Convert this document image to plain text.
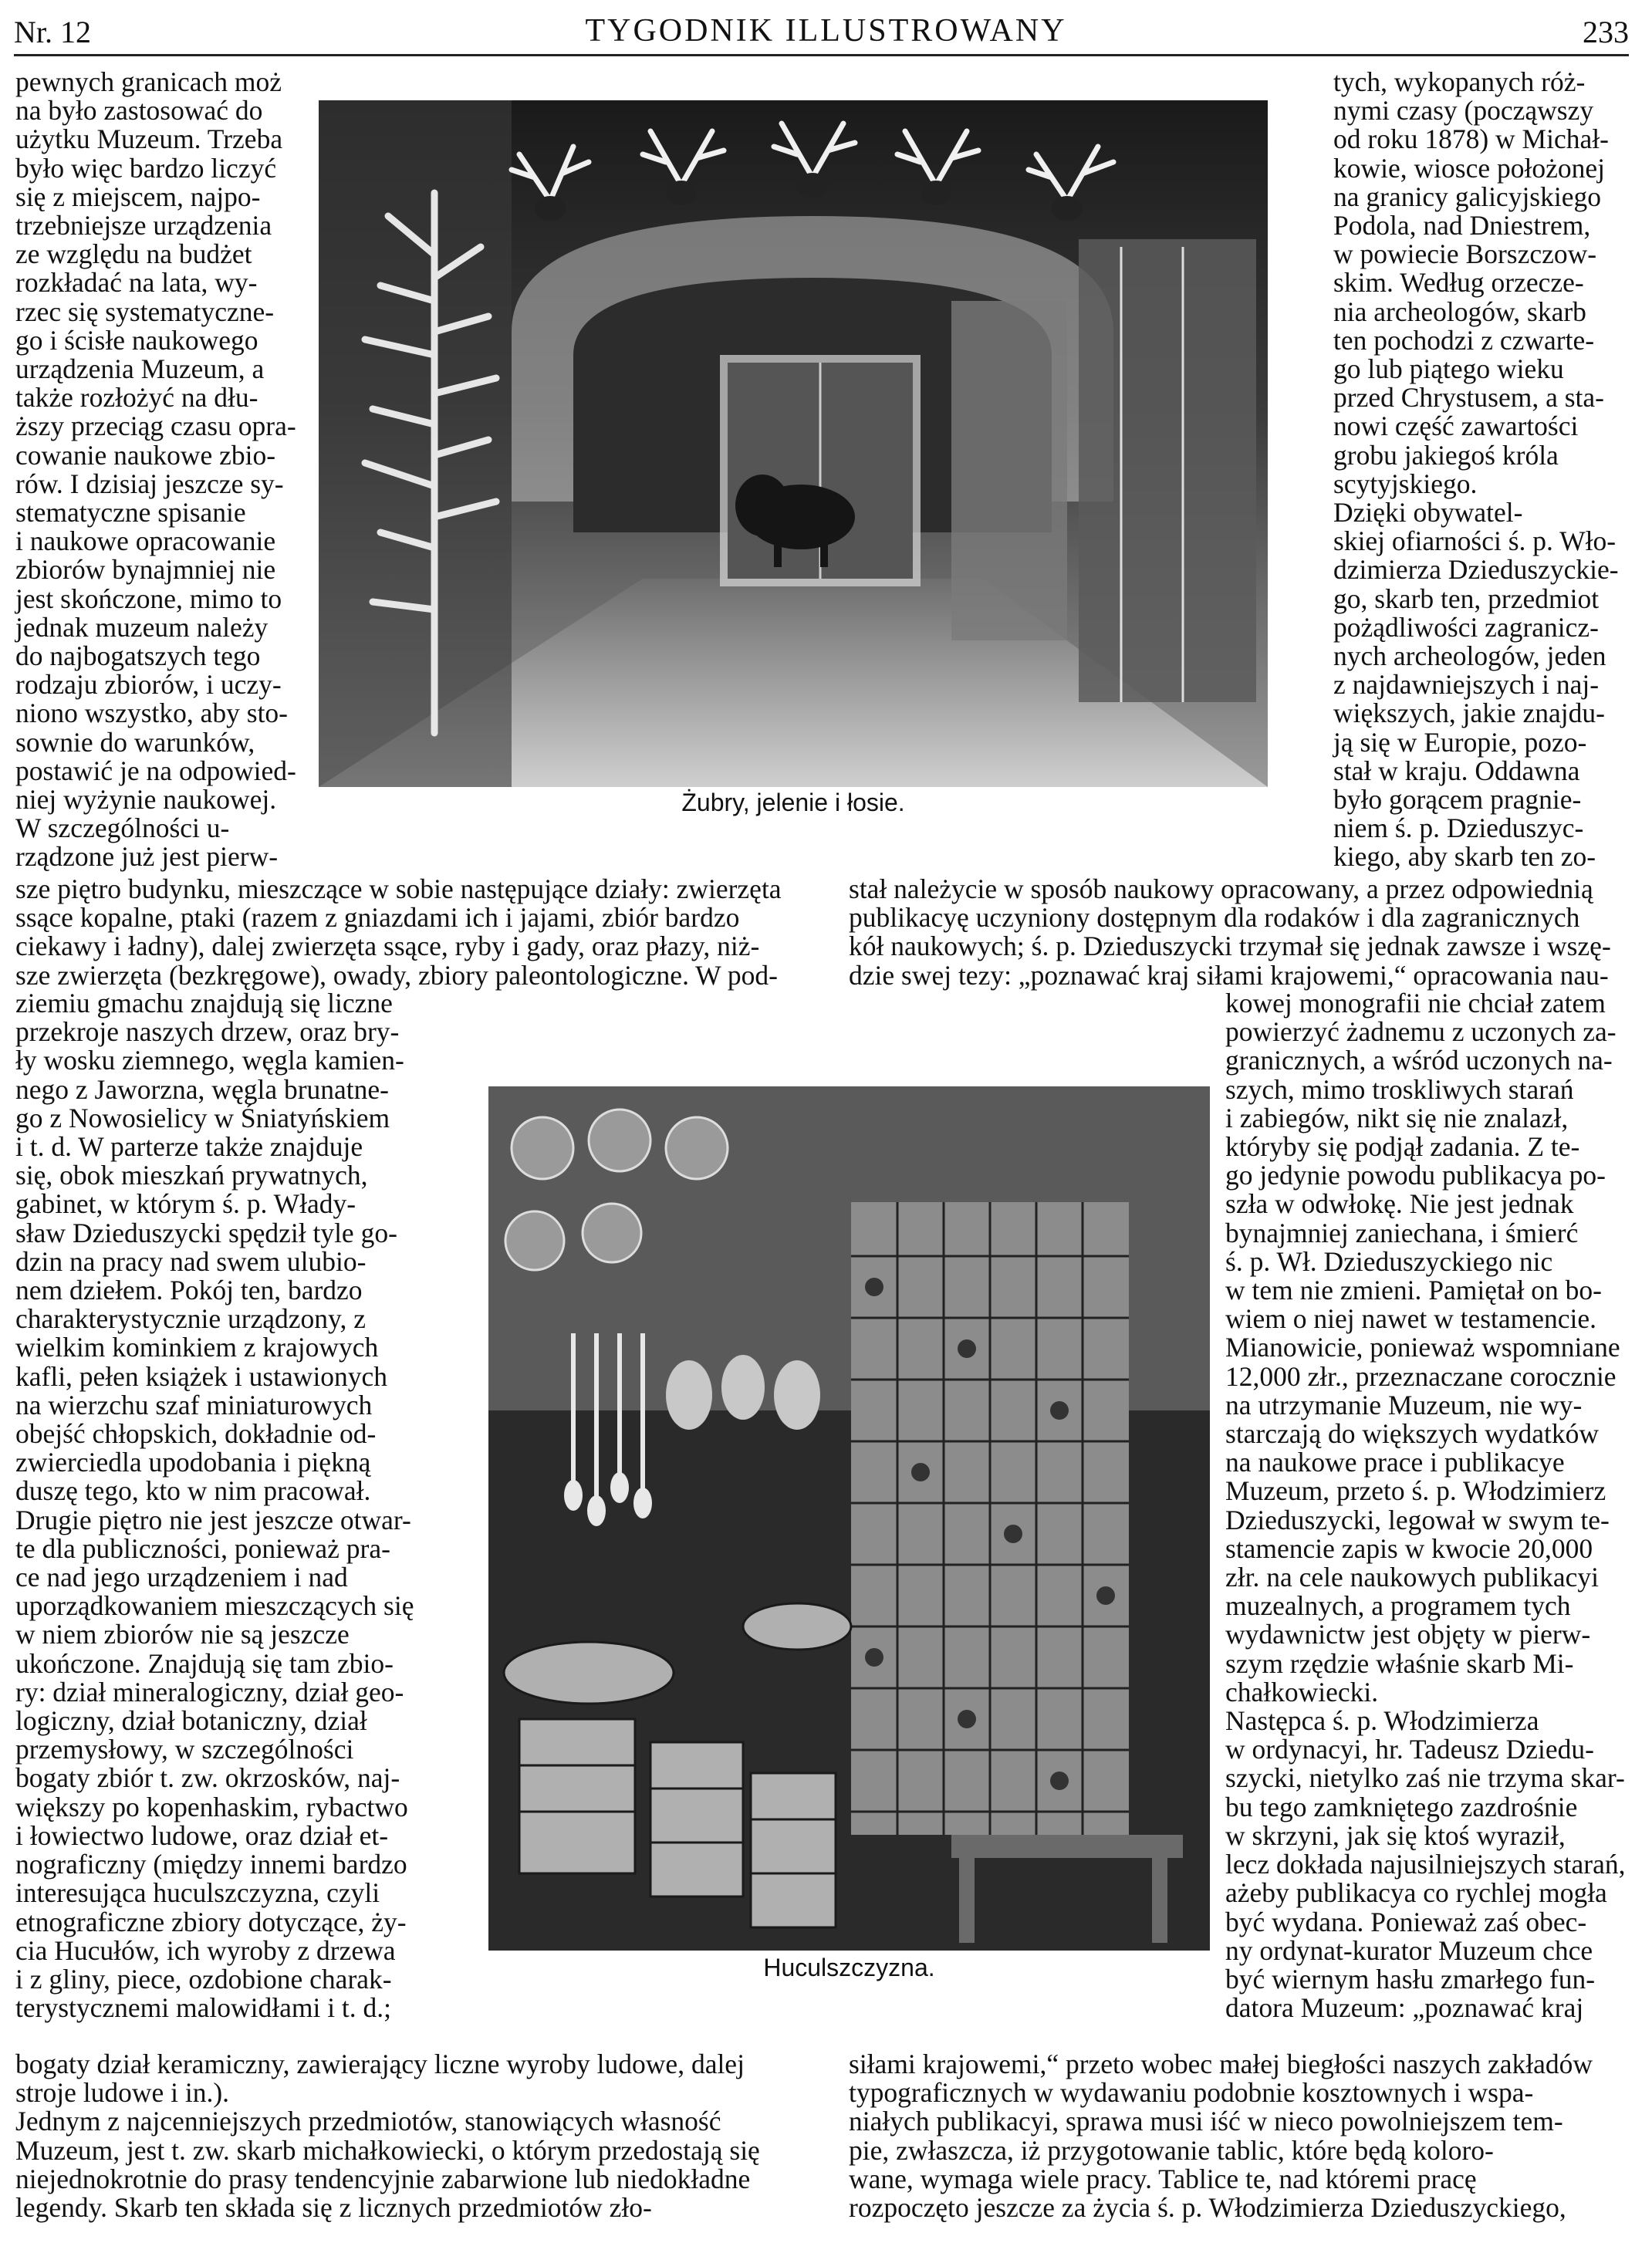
Nr. 12	TYGODNIK ILLUSTROWANY	233
Żubry, jelenie i łosie.
Huculszczyzna.

pewnych granicach moż
na było zastosować do
użytku Muzeum. Trzeba
było więc bardzo liczyć
się z miejscem, najpo-
trzebniejsze urządzenia
ze względu na budżet
rozkładać na lata, wy-
rzec się systematyczne-
go i ścisłe naukowego
urządzenia Muzeum, a
także rozłożyć na dłu-
ższy przeciąg czasu opra-
cowanie naukowe zbio-
rów. I dzisiaj jeszcze sy-
stematyczne spisanie
i naukowe opracowanie
zbiorów bynajmniej nie
jest skończone, mimo to
jednak muzeum należy
do najbogatszych tego
rodzaju zbiorów, i uczy-
niono wszystko, aby sto-
sownie do warunków,
postawić je na odpowied-
niej wyżynie naukowej.
W szczególności u-
rządzone już jest pierw-

sze piętro budynku, mieszczące w sobie następujące działy: zwierzęta
ssące kopalne, ptaki (razem z gniazdami ich i jajami, zbiór bardzo
ciekawy i ładny), dalej zwierzęta ssące, ryby i gady, oraz płazy, niż-
sze zwierzęta (bezkręgowe), owady, zbiory paleontologiczne. W pod-

ziemiu gmachu znajdują się liczne
przekroje naszych drzew, oraz bry-
ły wosku ziemnego, węgla kamien-
nego z Jaworzna, węgla brunatne-
go z Nowosielicy w Śniatyńskiem
i t. d. W parterze także znajduje
się, obok mieszkań prywatnych,
gabinet, w którym ś. p. Włady-
sław Dzieduszycki spędził tyle go-
dzin na pracy nad swem ulubio-
nem dziełem. Pokój ten, bardzo
charakterystycznie urządzony, z
wielkim kominkiem z krajowych
kafli, pełen książek i ustawionych
na wierzchu szaf miniaturowych
obejść chłopskich, dokładnie od-
zwierciedla upodobania i piękną
duszę tego, kto w nim pracował.
Drugie piętro nie jest jeszcze otwar-
te dla publiczności, ponieważ pra-
ce nad jego urządzeniem i nad
uporządkowaniem mieszczących się
w niem zbiorów nie są jeszcze
ukończone. Znajdują się tam zbio-
ry: dział mineralogiczny, dział geo-
logiczny, dział botaniczny, dział
przemysłowy, w szczególności
bogaty zbiór t. zw. okrzosków, naj-
większy po kopenhaskim, rybactwo
i łowiectwo ludowe, oraz dział et-
nograficzny (między innemi bardzo
interesująca huculszczyzna, czyli
etnograficzne zbiory dotyczące, ży-
cia Hucułów, ich wyroby z drzewa
i z gliny, piece, ozdobione charak-
terystycznemi malowidłami i t. d.;

bogaty dział keramiczny, zawierający liczne wyroby ludowe, dalej
stroje ludowe i in.).
Jednym z najcenniejszych przedmiotów, stanowiących własność
Muzeum, jest t. zw. skarb michałkowiecki, o którym przedostają się
niejednokrotnie do prasy tendencyjnie zabarwione lub niedokładne
legendy. Skarb ten składa się z licznych przedmiotów zło-

tych, wykopanych róż-
nymi czasy (począwszy
od roku 1878) w Michał-
kowie, wiosce położonej
na granicy galicyjskiego
Podola, nad Dniestrem,
w powiecie Borszczow-
skim. Według orzecze-
nia archeologów, skarb
ten pochodzi z czwarte-
go lub piątego wieku
przed Chrystusem, a sta-
nowi część zawartości
grobu jakiegoś króla
scytyjskiego.
Dzięki obywatel-
skiej ofiarności ś. p. Wło-
dzimierza Dzieduszyckie-
go, skarb ten, przedmiot
pożądliwości zagranicz-
nych archeologów, jeden
z najdawniejszych i naj-
większych, jakie znajdu-
ją się w Europie, pozo-
stał w kraju. Oddawna
było gorącem pragnie-
niem ś. p. Dzieduszyc-
kiego, aby skarb ten zo-

stał należycie w sposób naukowy opracowany, a przez odpowiednią
publikacyę uczyniony dostępnym dla rodaków i dla zagranicznych
kół naukowych; ś. p. Dzieduszycki trzymał się jednak zawsze i wszę-
dzie swej tezy: „poznawać kraj siłami krajowemi,“ opracowania nau-

kowej monografii nie chciał zatem
powierzyć żadnemu z uczonych za-
granicznych, a wśród uczonych na-
szych, mimo troskliwych starań
i zabiegów, nikt się nie znalazł,
któryby się podjął zadania. Z te-
go jedynie powodu publikacya po-
szła w odwłokę. Nie jest jednak
bynajmniej zaniechana, i śmierć
ś. p. Wł. Dzieduszyckiego nic
w tem nie zmieni. Pamiętał on bo-
wiem o niej nawet w testamencie.
Mianowicie, ponieważ wspomniane
12,000 złr., przeznaczane corocznie
na utrzymanie Muzeum, nie wy-
starczają do większych wydatków
na naukowe prace i publikacye
Muzeum, przeto ś. p. Włodzimierz
Dzieduszycki, legował w swym te-
stamencie zapis w kwocie 20,000
złr. na cele naukowych publikacyi
muzealnych, a programem tych
wydawnictw jest objęty w pierw-
szym rzędzie właśnie skarb Mi-
chałkowiecki.
Następca ś. p. Włodzimierza
w ordynacyi, hr. Tadeusz Dziedu-
szycki, nietylko zaś nie trzyma skar-
bu tego zamkniętego zazdrośnie
w skrzyni, jak się ktoś wyraził,
lecz dokłada najusilniejszych starań,
ażeby publikacya co rychlej mogła
być wydana. Ponieważ zaś obec-
ny ordynat-kurator Muzeum chce
być wiernym hasłu zmarłego fun-
datora Muzeum: „poznawać kraj

siłami krajowemi,“ przeto wobec małej biegłości naszych zakładów
typograficznych w wydawaniu podobnie kosztownych i wspa-
niałych publikacyi, sprawa musi iść w nieco powolniejszem tem-
pie, zwłaszcza, iż przygotowanie tablic, które będą koloro-
wane, wymaga wiele pracy. Tablice te, nad któremi pracę
rozpoczęto jeszcze za życia ś. p. Włodzimierza Dzieduszyckiego,
